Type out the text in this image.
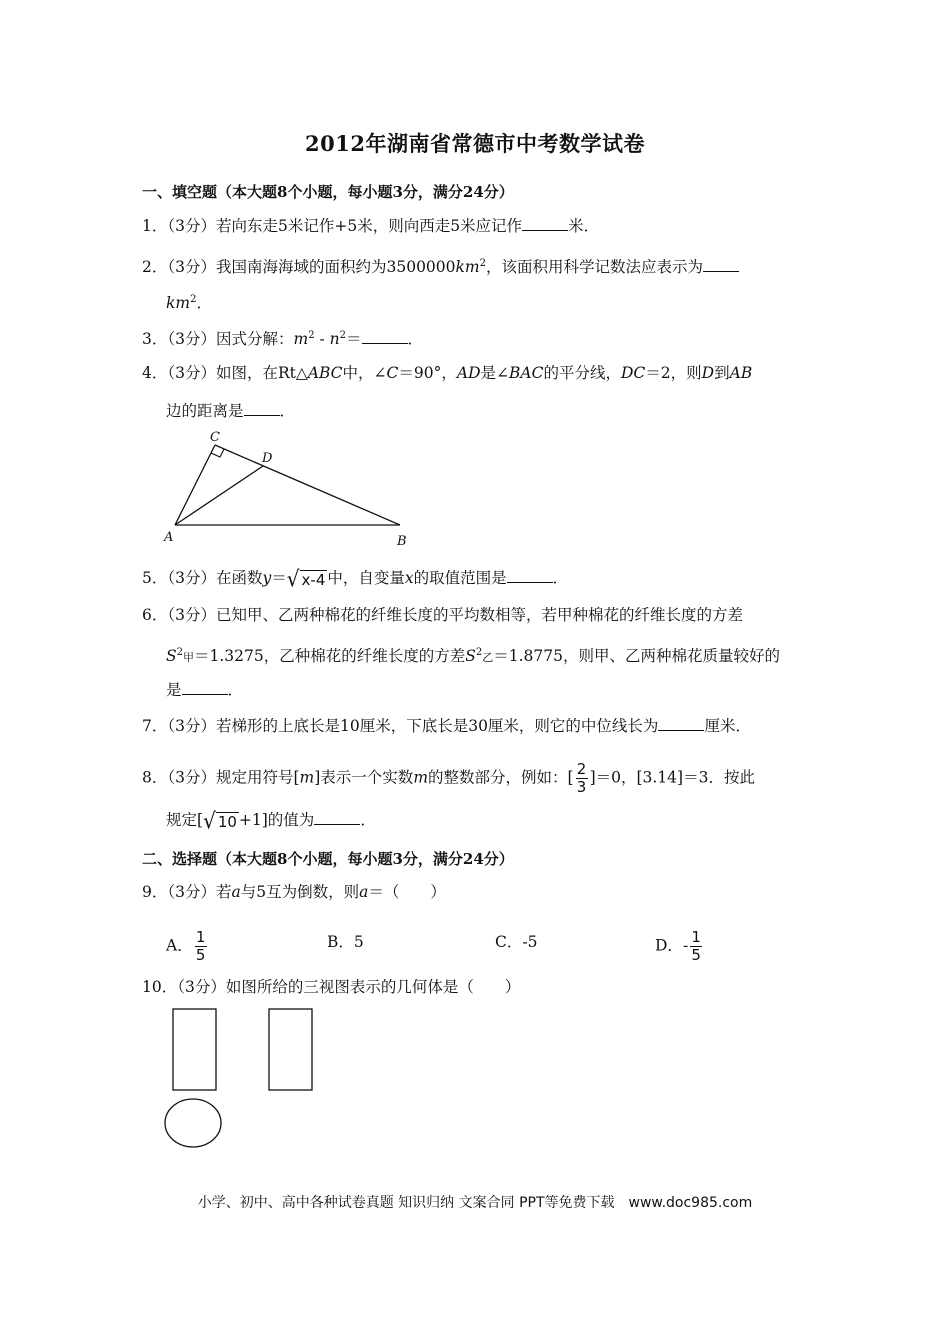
2012年湖南省常德市中考数学试卷
一、填空题（本大题8个小题，每小题3分，满分24分）
1．（3分）若向东走5米记作+5米，则向西走5米应记作	米．
2．（3分）我国南海海域的面积约为$3500000km^2$，该面积用科学记数法应表示为
$km^2$．
3．（3分）因式分解：$m^2$ ‐ $n^2=$	．
4．（3分）如图，在Rt△ABC中，∠C＝90°，AD是∠BAC的平分线，DC＝2，则D到AB
边的距离是 ．
C
D
A	B
5．（3分）在函数y＝ √ x-4 中，自变量x的取值范围是	．
6．（3分）已知甲、乙两种棉花的纤维长度的平均数相等，若甲种棉花的纤维长度的方差
$S^2$甲＝1.3275，乙种棉花的纤维长度的方差$S^2$乙＝1.8775，则甲、乙两种棉花质量较好的
是	．
7．（3分）若梯形的上底长是10厘米，下底长是30厘米，则它的中位线长为	厘米．
8．（3分）规定用符号[m]表示一个实数m的整数部分，例如：[ $\frac{2}{3} ]=0$，[3.14]＝3．按此
规定[ √ 10 +1]的值为	．
二、选择题（本大题8个小题，每小题3分，满分24分）
9．（3分）若a与5互为倒数，则a＝（　　）
A． $\frac{1}{5}$	B．5	C．‐5	D．‐ $\frac{1}{5}$
10．（3分）如图所给的三视图表示的几何体是（　　）
小学、初中、高中各种试卷真题 知识归纳 文案合同 PPT等免费下载　www.doc985.com
